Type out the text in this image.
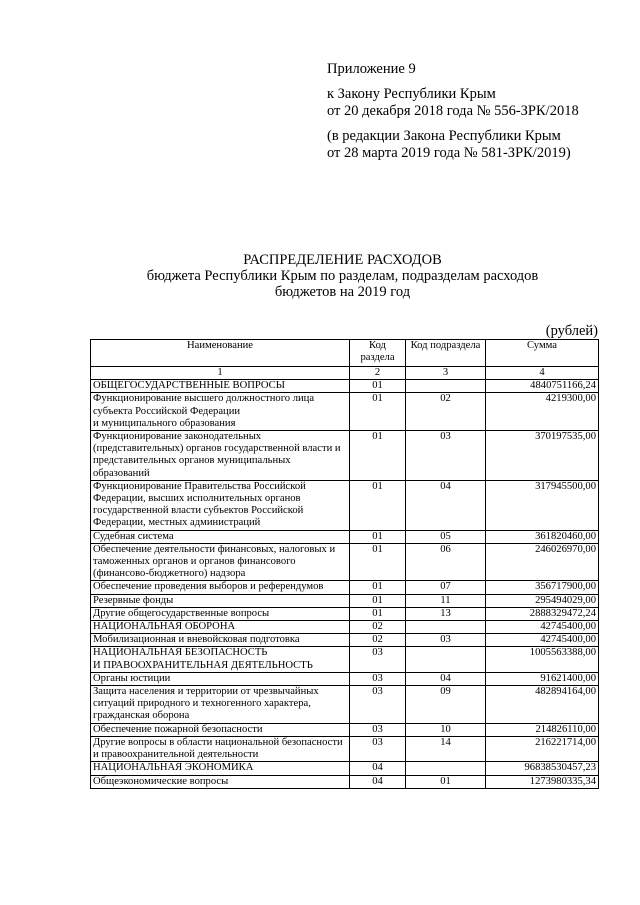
Приложение 9
к Закону Республики Крым
от 20 декабря 2018 года № 556-ЗРК/2018
(в редакции Закона Республики Крым
от 28 марта 2019 года № 581-ЗРК/2019)
РАСПРЕДЕЛЕНИЕ РАСХОДОВ
бюджета Республики Крым по разделам, подразделам расходов
бюджетов на 2019 год
(рублей)
Наименование	Код раздела	Код подраздела	Сумма
1	2	3	4
ОБЩЕГОСУДАРСТВЕННЫЕ ВОПРОСЫ	01		4840751166,24
Функционирование высшего должностного лица субъекта Российской Федерации
и муниципального образования	01	02	4219300,00
Функционирование законодательных (представительных) органов государственной власти и представительных органов муниципальных образований	01	03	370197535,00
Функционирование Правительства Российской Федерации, высших исполнительных органов государственной власти субъектов Российской Федерации, местных администраций	01	04	317945500,00
Судебная система	01	05	361820460,00
Обеспечение деятельности финансовых, налоговых и таможенных органов и органов финансового (финансово-бюджетного) надзора	01	06	246026970,00
Обеспечение проведения выборов и референдумов	01	07	356717900,00
Резервные фонды	01	11	295494029,00
Другие общегосударственные вопросы	01	13	2888329472,24
НАЦИОНАЛЬНАЯ ОБОРОНА	02		42745400,00
Мобилизационная и вневойсковая подготовка	02	03	42745400,00
НАЦИОНАЛЬНАЯ БЕЗОПАСНОСТЬ
И ПРАВООХРАНИТЕЛЬНАЯ ДЕЯТЕЛЬНОСТЬ	03		1005563388,00
Органы юстиции	03	04	91621400,00
Защита населения и территории от чрезвычайных ситуаций природного и техногенного характера, гражданская оборона	03	09	482894164,00
Обеспечение пожарной безопасности	03	10	214826110,00
Другие вопросы в области национальной безопасности и правоохранительной деятельности	03	14	216221714,00
НАЦИОНАЛЬНАЯ ЭКОНОМИКА	04		96838530457,23
Общеэкономические вопросы	04	01	1273980335,34
